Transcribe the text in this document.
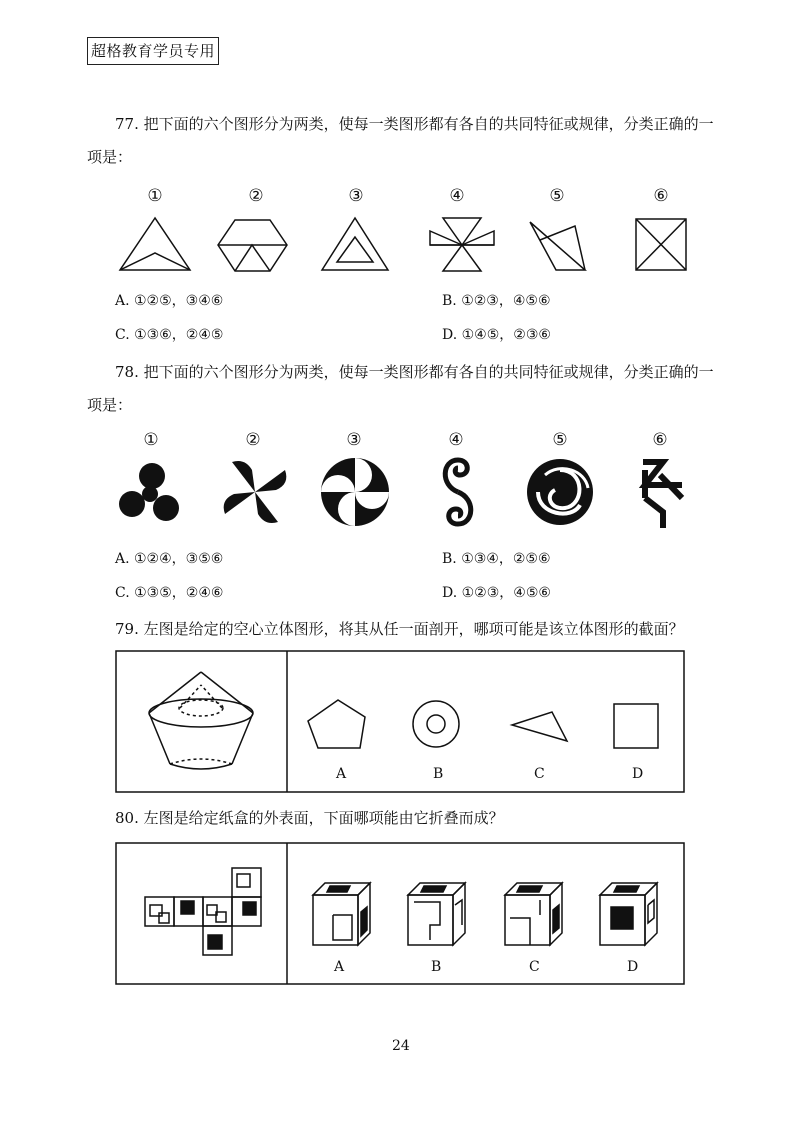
超格教育学员专用
77. 把下面的六个图形分为两类，使每一类图形都有各自的共同特征或规律，分类正确的一
项是：
①	②	③	④	⑤	⑥
A. ①②⑤，③④⑥	B. ①②③，④⑤⑥
C. ①③⑥，②④⑤	D. ①④⑤，②③⑥
78. 把下面的六个图形分为两类，使每一类图形都有各自的共同特征或规律，分类正确的一
项是：
①	②	③	④	⑤	⑥
A. ①②④，③⑤⑥	B. ①③④，②⑤⑥
C. ①③⑤，②④⑥	D. ①②③，④⑤⑥
79. 左图是给定的空心立体图形，将其从任一面剖开，哪项可能是该立体图形的截面？
A	B	C	D
80. 左图是给定纸盒的外表面，下面哪项能由它折叠而成？
A	B	C	D
24
